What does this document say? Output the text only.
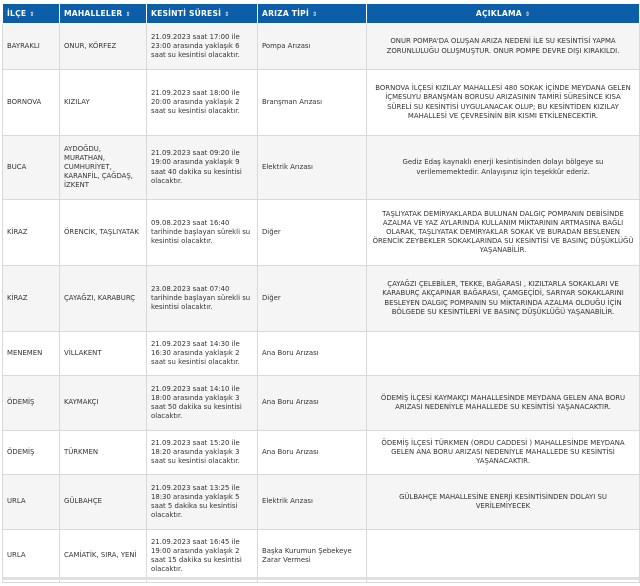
İLÇE ⇕	MAHALLELER ⇕	KESİNTİ SÜRESİ ⇕	ARIZA TİPİ ⇕	AÇIKLAMA ⇕
BAYRAKLI	ONUR, KÖRFEZ	21.09.2023 saat 17:00 ile 23:00 arasında yaklaşık 6 saat su kesintisi olacaktır.	Pompa Arızası	ONUR POMPA'DA OLUŞAN ARIZA NEDENİ İLE SU KESİNTİSİ YAPMA ZORUNLULUĞU OLUŞMUŞTUR. ONUR POMPE DEVRE DIŞI KIRAKILDI.
BORNOVA	KIZILAY	21.09.2023 saat 18:00 ile 20:00 arasında yaklaşık 2 saat su kesintisi olacaktır.	Branşman Arızası	BORNOVA İLÇESİ KIZILAY MAHALLESİ 480 SOKAK İÇİNDE MEYDANA GELEN İÇMESUYU BRANŞMAN BORUSU ARIZASININ TAMİRİ SÜRESİNCE KISA SÜRELİ SU KESİNTİSİ UYGULANACAK OLUP; BU KESİNTİDEN KIZILAY MAHALLESİ VE ÇEVRESİNİN BİR KISMI ETKİLENECEKTİR.
BUCA	AYDOĞDU, MURATHAN, CUMHURİYET, KARANFİL, ÇAĞDAŞ, İZKENT	21.09.2023 saat 09:20 ile 19:00 arasında yaklaşık 9 saat 40 dakika su kesintisi olacaktır.	Elektrik Arızası	Gediz Edaş kaynaklı enerji kesintisinden dolayı bölgeye su verilememektedir. Anlayışınız için teşekkür ederiz.
KİRAZ	ÖRENCİK, TAŞLIYATAK	09.08.2023 saat 16:40 tarihinde başlayan sürekli su kesintisi olacaktır.	Diğer	TAŞLIYATAK DEMİRYAKLARDA BULUNAN DALGIÇ POMPANIN DEBİSİNDE AZALMA VE YAZ AYLARINDA KULLANIM MİKTARININ ARTMASINA BAĞLI OLARAK, TAŞLIYATAK DEMİRYAKLAR SOKAK VE BURADAN BESLENEN ÖRENCİK ZEYBEKLER SOKAKLARINDA SU KESİNTİSİ VE BASINÇ DÜŞÜKLÜĞÜ YAŞANABİLİR.
KİRAZ	ÇAYAĞZI, KARABURÇ	23.08.2023 saat 07:40 tarihinde başlayan sürekli su kesintisi olacaktır.	Diğer	ÇAYAĞZI ÇELEBİLER, TEKKE, BAĞARASI , KIZILTARLA SOKAKLARI VE KARABURÇ AKÇAPINAR BAĞARASI, ÇAMGEÇİDİ, SARIYAR SOKAKLARINI BESLEYEN DALGIÇ POMPANIN SU MİKTARINDA AZALMA OLDUĞU İÇİN BÖLGEDE SU KESİNTİLERİ VE BASINÇ DÜŞÜKLÜĞÜ YAŞANABİLİR.
MENEMEN	VİLLAKENT	21.09.2023 saat 14:30 ile 16:30 arasında yaklaşık 2 saat su kesintisi olacaktır.	Ana Boru Arızası	
ÖDEMİŞ	KAYMAKÇI	21.09.2023 saat 14:10 ile 18:00 arasında yaklaşık 3 saat 50 dakika su kesintisi olacaktır.	Ana Boru Arızası	ÖDEMİŞ İLÇESİ KAYMAKÇI MAHALLESİNDE MEYDANA GELEN ANA BORU ARIZASI NEDENİYLE MAHALLEDE SU KESİNTİSİ YAŞANACAKTIR.
ÖDEMİŞ	TÜRKMEN	21.09.2023 saat 15:20 ile 18:20 arasında yaklaşık 3 saat su kesintisi olacaktır.	Ana Boru Arızası	ÖDEMİŞ İLÇESİ TÜRKMEN (ORDU CADDESİ ) MAHALLESİNDE MEYDANA GELEN ANA BORU ARIZASI NEDENİYLE MAHALLEDE SU KESİNTİSİ YAŞANACAKTIR.
URLA	GÜLBAHÇE	21.09.2023 saat 13:25 ile 18:30 arasında yaklaşık 5 saat 5 dakika su kesintisi olacaktır.	Elektrik Arızası	GÜLBAHÇE MAHALLESİNE ENERJİ KESİNTİSİNDEN DOLAYI SU VERİLEMİYECEK
URLA	CAMİATİK, SIRA, YENİ	21.09.2023 saat 16:45 ile 19:00 arasında yaklaşık 2 saat 15 dakika su kesintisi olacaktır.	Başka Kurumun Şebekeye Zarar Vermesi	
